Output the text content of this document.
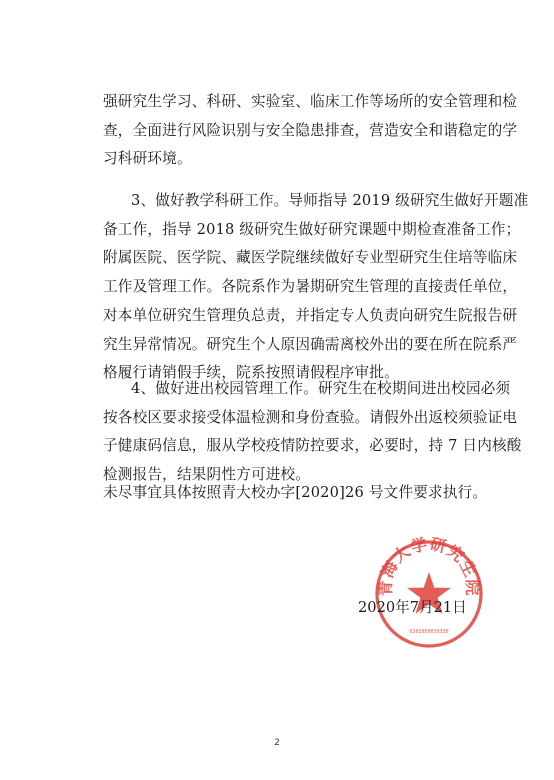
强研究生学习、科研、实验室、临床工作等场所的安全管理和检
查，全面进行风险识别与安全隐患排查，营造安全和谐稳定的学
习科研环境。

3、做好教学科研工作。导师指导 2019 级研究生做好开题准
备工作，指导 2018 级研究生做好研究课题中期检查准备工作；
附属医院、医学院、藏医学院继续做好专业型研究生住培等临床
工作及管理工作。各院系作为暑期研究生管理的直接责任单位，
对本单位研究生管理负总责，并指定专人负责向研究生院报告研
究生异常情况。研究生个人原因确需离校外出的要在所在院系严
格履行请销假手续，院系按照请假程序审批。

4、做好进出校园管理工作。研究生在校期间进出校园必须
按各校区要求接受体温检测和身份查验。请假外出返校须验证电
子健康码信息，服从学校疫情防控要求，必要时，持 7 日内核酸
检测报告，结果阴性方可进校。

未尽事宜具体按照青大校办字[2020]26 号文件要求执行。

青海大学研究生院
6301050039330
2020年7月21日
2
